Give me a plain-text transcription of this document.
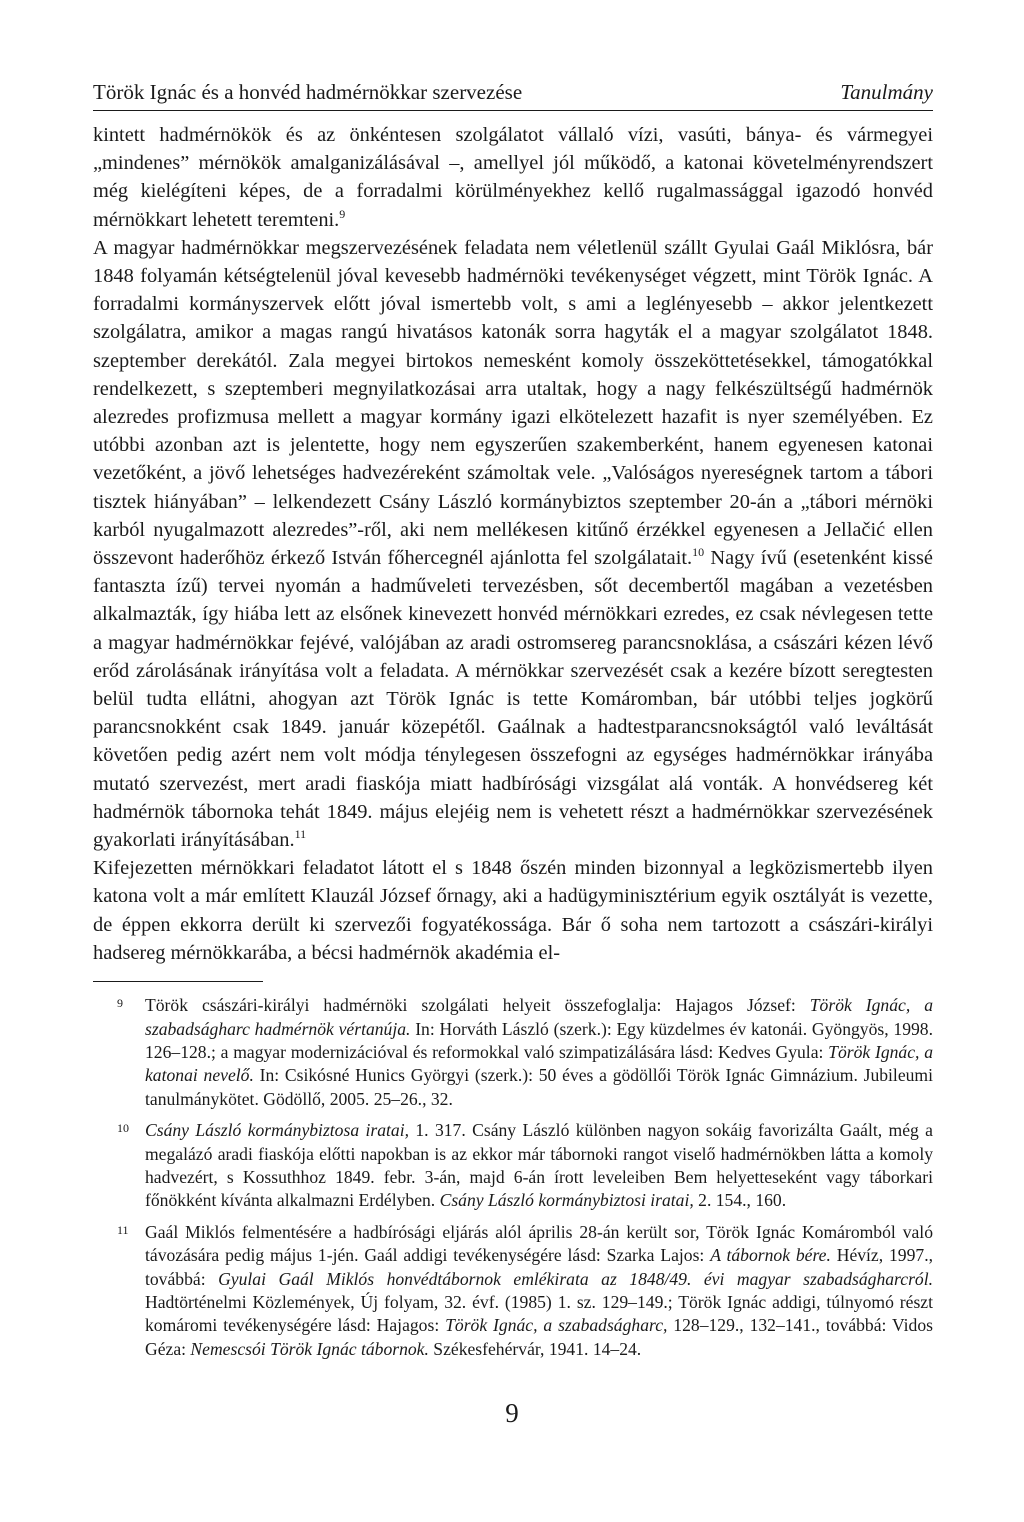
Török Ignác és a honvéd hadmérnökkar szervezése	Tanulmány

kintett hadmérnökök és az önkéntesen szolgálatot vállaló vízi, vasúti, bánya- és vármegyei „mindenes” mérnökök amalganizálásával –, amellyel jól működő, a katonai követelményrendszert még kielégíteni képes, de a forradalmi körülményekhez kellő rugalmassággal igazodó honvéd mérnökkart lehetett teremteni.$^9$

A magyar hadmérnökkar megszervezésének feladata nem véletlenül szállt Gyulai Gaál Miklósra, bár 1848 folyamán kétségtelenül jóval kevesebb hadmérnöki tevékenységet végzett, mint Török Ignác. A forradalmi kormányszervek előtt jóval ismertebb volt, s ami a leglényesebb – akkor jelentkezett szolgálatra, amikor a magas rangú hivatásos katonák sorra hagyták el a magyar szolgálatot 1848. szeptember derekától. Zala megyei birtokos nemesként komoly összeköttetésekkel, támogatókkal rendelkezett, s szeptemberi megnyilatkozásai arra utaltak, hogy a nagy felkészültségű hadmérnök alezredes profizmusa mellett a magyar kormány igazi elkötelezett hazafit is nyer személyében. Ez utóbbi azonban azt is jelentette, hogy nem egyszerűen szakemberként, hanem egyenesen katonai vezetőként, a jövő lehetséges hadvezéreként számoltak vele. „Valóságos nyereségnek tartom a tábori tisztek hiányában” – lelkendezett Csány László kormánybiztos szeptember 20-án a „tábori mérnöki karból nyugalmazott alezredes”-ről, aki nem mellékesen kitűnő érzékkel egyenesen a Jellačić ellen összevont haderőhöz érkező István főhercegnél ajánlotta fel szolgálatait.$^{10}$ Nagy ívű (esetenként kissé fantaszta ízű) tervei nyomán a hadműveleti tervezésben, sőt decembertől magában a vezetésben alkalmazták, így hiába lett az elsőnek kinevezett honvéd mérnökkari ezredes, ez csak névlegesen tette a magyar hadmérnökkar fejévé, valójában az aradi ostromsereg parancsnoklása, a császári kézen lévő erőd zárolásának irányítása volt a feladata. A mérnökkar szervezését csak a kezére bízott seregtesten belül tudta ellátni, ahogyan azt Török Ignác is tette Komáromban, bár utóbbi teljes jogkörű parancsnokként csak 1849. január közepétől. Gaálnak a hadtestparancsnokságtól való leváltását követően pedig azért nem volt módja ténylegesen összefogni az egységes hadmérnökkar irányába mutató szervezést, mert aradi fiaskója miatt hadbírósági vizsgálat alá vonták. A honvédsereg két hadmérnök tábornoka tehát 1849. május elejéig nem is vehetett részt a hadmérnökkar szervezésének gyakorlati irányításában.$^{11}$

Kifejezetten mérnökkari feladatot látott el s 1848 őszén minden bizonnyal a legközismertebb ilyen katona volt a már említett Klauzál József őrnagy, aki a hadügyminisztérium egyik osztályát is vezette, de éppen ekkorra derült ki szervezői fogyatékossága. Bár ő soha nem tartozott a császári-királyi hadsereg mérnökkarába, a bécsi hadmérnök akadémia el-

9	Török császári-királyi hadmérnöki szolgálati helyeit összefoglalja: Hajagos József: Török Ignác, a szabadságharc hadmérnök vértanúja. In: Horváth László (szerk.): Egy küzdelmes év katonái. Gyöngyös, 1998. 126–128.; a magyar modernizációval és reformokkal való szimpatizálására lásd: Kedves Gyula: Török Ignác, a katonai nevelő. In: Csikósné Hunics Györgyi (szerk.): 50 éves a gödöllői Török Ignác Gimnázium. Jubileumi tanulmánykötet. Gödöllő, 2005. 25–26., 32.
10 Csány László kormánybiztosa iratai, 1. 317. Csány László különben nagyon sokáig favorizálta Gaált, még a megalázó aradi fiaskója előtti napokban is az ekkor már tábornoki rangot viselő hadmérnökben látta a komoly hadvezért, s Kossuthhoz 1849. febr. 3-án, majd 6-án írott leveleiben Bem helyetteseként vagy táborkari főnökként kívánta alkalmazni Erdélyben. Csány László kormánybiztosi iratai, 2. 154., 160.
11 Gaál Miklós felmentésére a hadbírósági eljárás alól április 28-án került sor, Török Ignác Komáromból való távozására pedig május 1-jén. Gaál addigi tevékenységére lásd: Szarka Lajos: A tábornok bére. Hévíz, 1997., továbbá: Gyulai Gaál Miklós honvédtábornok emlékirata az 1848/49. évi magyar szabadságharcról. Hadtörténelmi Közlemények, Új folyam, 32. évf. (1985) 1. sz. 129–149.; Török Ignác addigi, túlnyomó részt komáromi tevékenységére lásd: Hajagos: Török Ignác, a szabadságharc, 128–129., 132–141., továbbá: Vidos Géza: Nemescsói Török Ignác tábornok. Székesfehérvár, 1941. 14–24.
9
